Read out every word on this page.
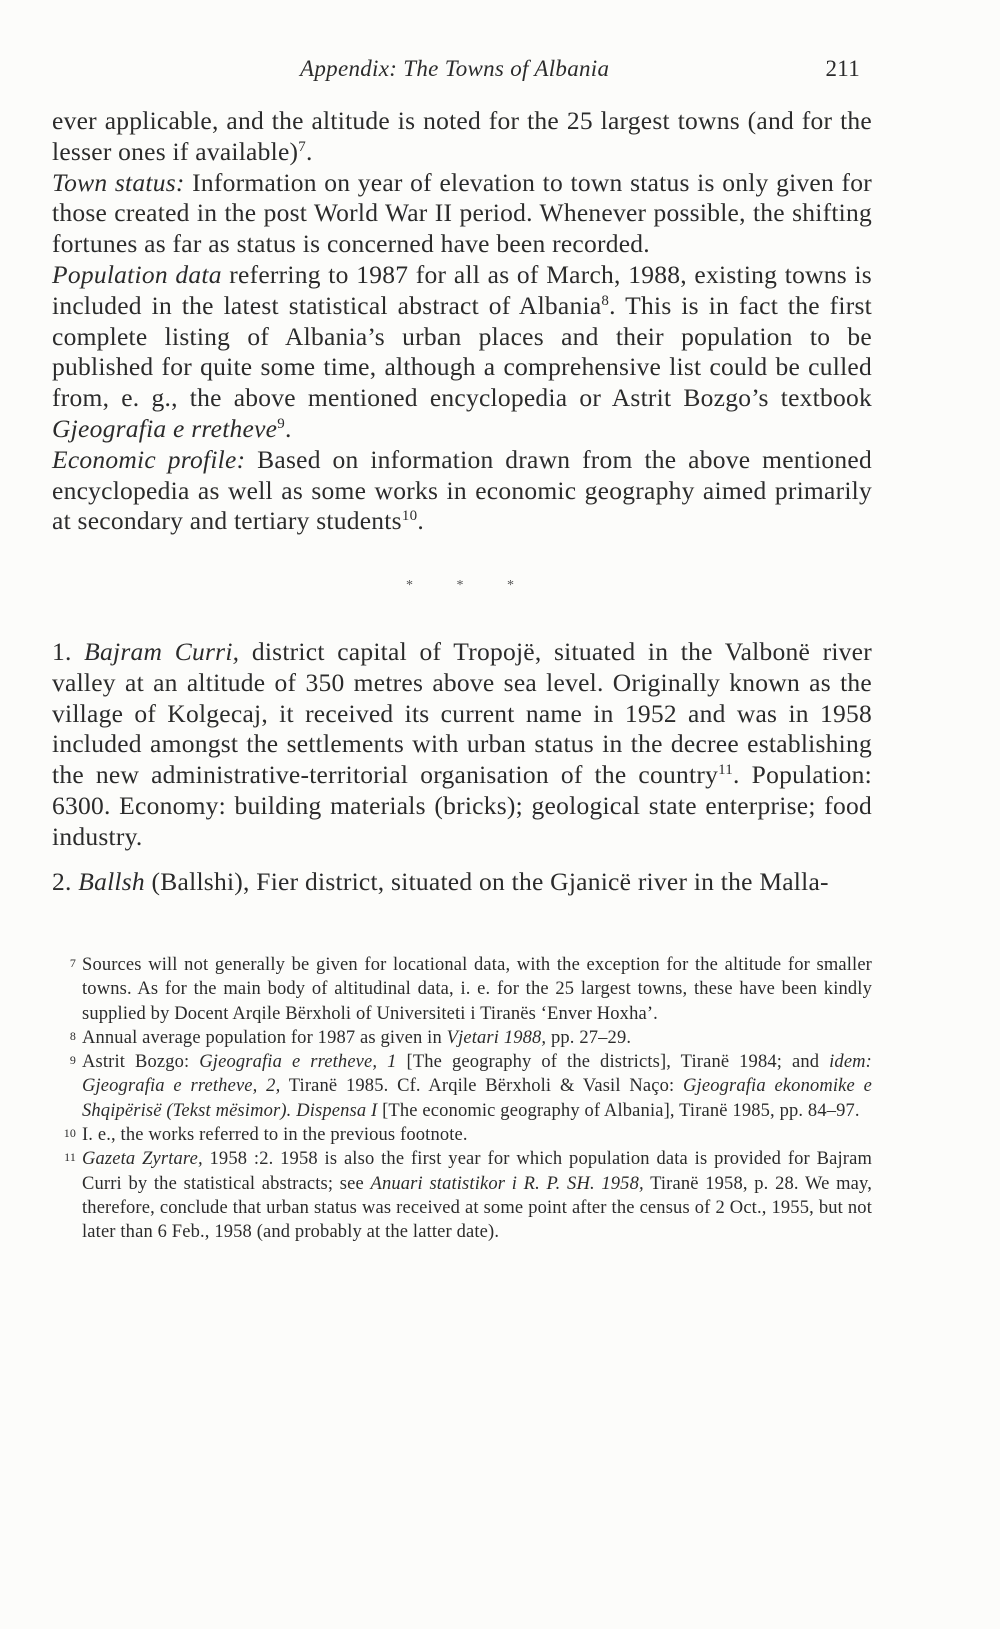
Appendix: The Towns of Albania	211

ever applicable, and the altitude is noted for the 25 largest towns (and for the lesser ones if available)$^7$.

Town status: Information on year of elevation to town status is only given for those created in the post World War II period. Whenever possible, the shifting fortunes as far as status is concerned have been recorded.

Population data referring to 1987 for all as of March, 1988, existing towns is included in the latest statistical abstract of Albania$^8$. This is in fact the first complete listing of Albania’s urban places and their population to be published for quite some time, although a comprehensive list could be culled from, e. g., the above mentioned encyclopedia or Astrit Bozgo’s textbook Gjeografia e rretheve$^9$.

Economic profile: Based on information drawn from the above mentioned encyclopedia as well as some works in economic geography aimed primarily at secondary and tertiary students$^{10}$.

* * *

1. Bajram Curri, district capital of Tropojë, situated in the Valbonë river valley at an altitude of 350 metres above sea level. Originally known as the village of Kolgecaj, it received its current name in 1952 and was in 1958 included amongst the settlements with urban status in the decree establishing the new administrative-territorial organisation of the country$^{11}$. Population: 6300. Economy: building materials (bricks); geological state enterprise; food industry.

2. Ballsh (Ballshi), Fier district, situated on the Gjanicë river in the Malla-

7 Sources will not generally be given for locational data, with the exception for the altitude for smaller towns. As for the main body of altitudinal data, i. e. for the 25 largest towns, these have been kindly supplied by Docent Arqile Bërxholi of Universiteti i Tiranës ‘Enver Hoxha’.
8 Annual average population for 1987 as given in Vjetari 1988, pp. 27–29.
9 Astrit Bozgo: Gjeografia e rretheve, 1 [The geography of the districts], Tiranë 1984; and idem: Gjeografia e rretheve, 2, Tiranë 1985. Cf. Arqile Bërxholi & Vasil Naço: Gjeografia ekonomike e Shqipërisë (Tekst mësimor). Dispensa I [The economic geography of Albania], Tiranë 1985, pp. 84–97.
10 I. e., the works referred to in the previous footnote.
11 Gazeta Zyrtare, 1958 :2. 1958 is also the first year for which population data is provided for Bajram Curri by the statistical abstracts; see Anuari statistikor i R. P. SH. 1958, Tiranë 1958, p. 28. We may, therefore, conclude that urban status was received at some point after the census of 2 Oct., 1955, but not later than 6 Feb., 1958 (and probably at the latter date).
